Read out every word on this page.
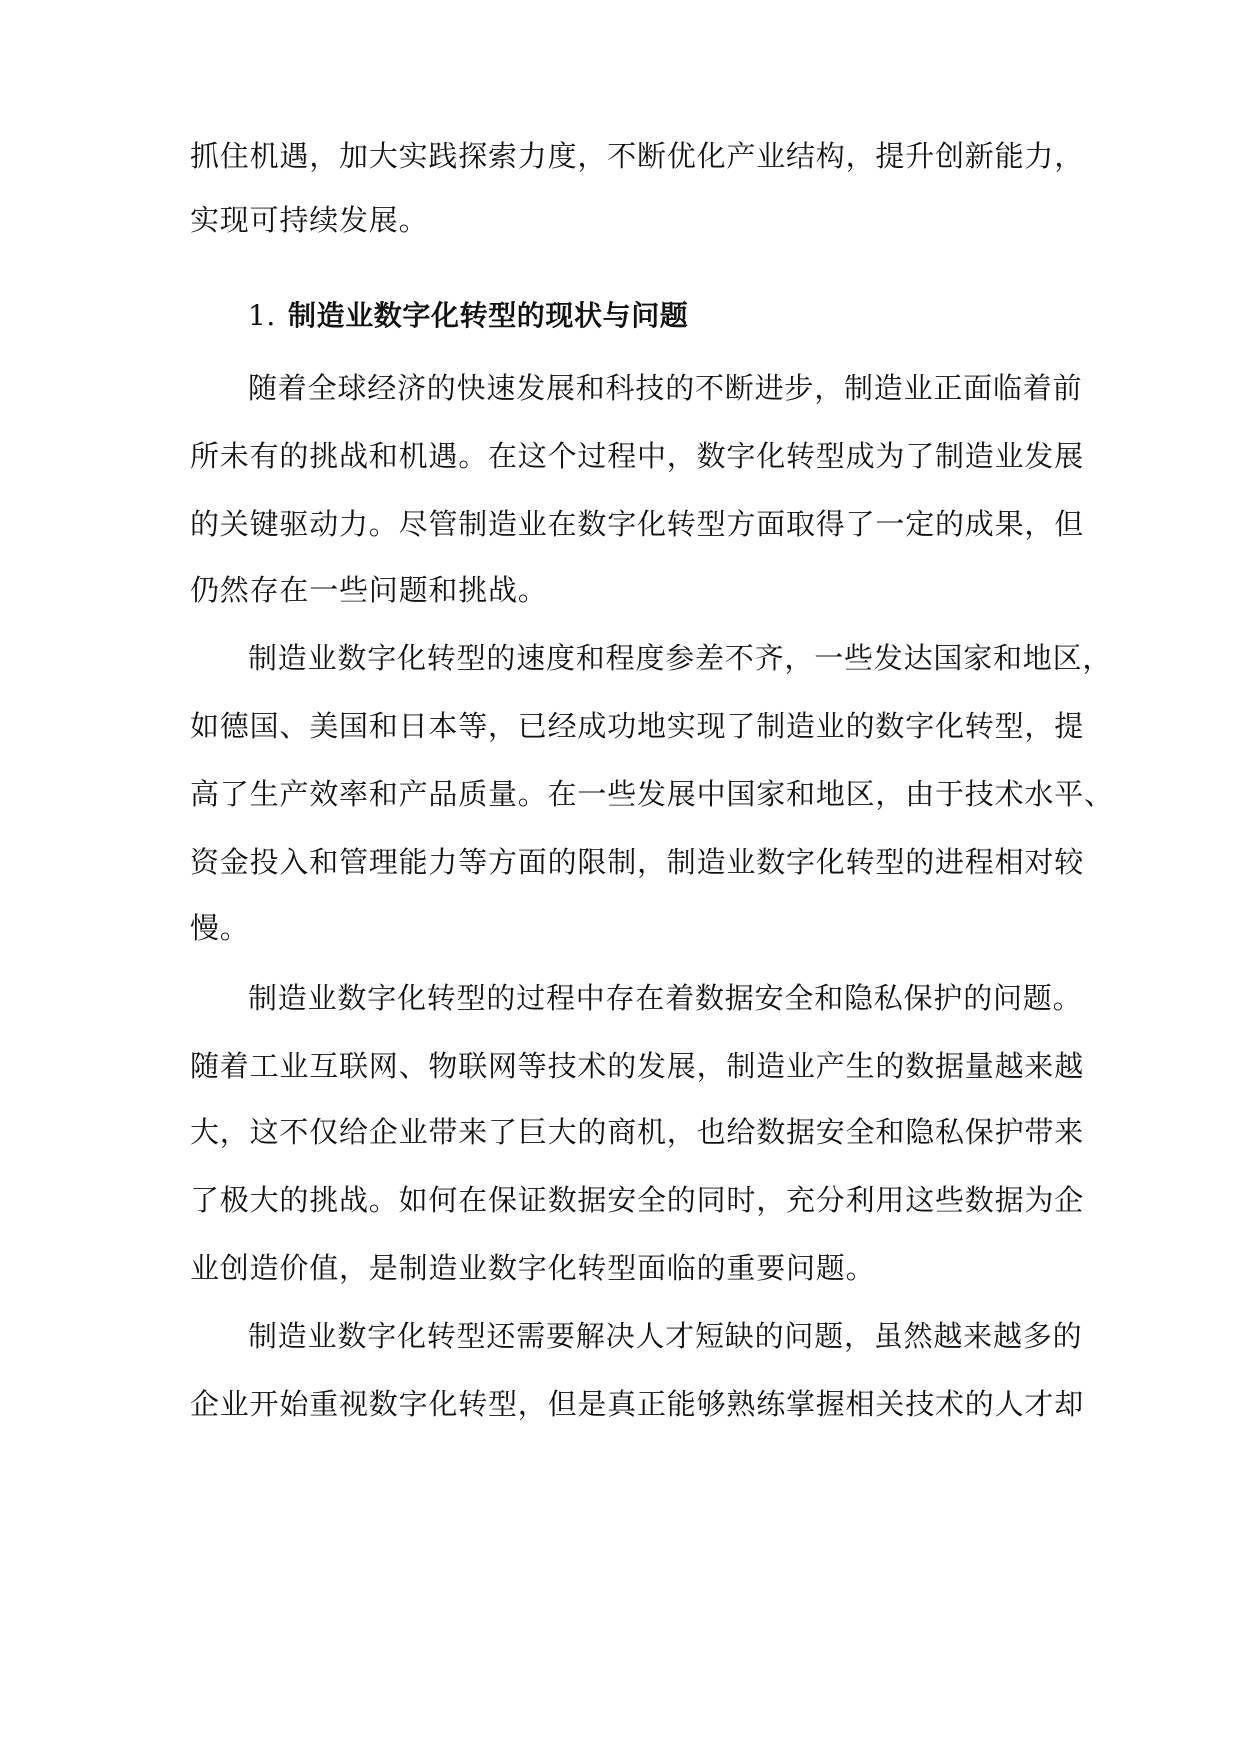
抓住机遇，加大实践探索力度，不断优化产业结构，提升创新能力，

实现可持续发展。

1. 制造业数字化转型的现状与问题

随着全球经济的快速发展和科技的不断进步，制造业正面临着前

所未有的挑战和机遇。在这个过程中，数字化转型成为了制造业发展

的关键驱动力。尽管制造业在数字化转型方面取得了一定的成果，但

仍然存在一些问题和挑战。

制造业数字化转型的速度和程度参差不齐，一些发达国家和地区，

如德国、美国和日本等，已经成功地实现了制造业的数字化转型，提

高了生产效率和产品质量。在一些发展中国家和地区，由于技术水平、

资金投入和管理能力等方面的限制，制造业数字化转型的进程相对较

慢。

制造业数字化转型的过程中存在着数据安全和隐私保护的问题。

随着工业互联网、物联网等技术的发展，制造业产生的数据量越来越

大，这不仅给企业带来了巨大的商机，也给数据安全和隐私保护带来

了极大的挑战。如何在保证数据安全的同时，充分利用这些数据为企

业创造价值，是制造业数字化转型面临的重要问题。

制造业数字化转型还需要解决人才短缺的问题，虽然越来越多的

企业开始重视数字化转型，但是真正能够熟练掌握相关技术的人才却
